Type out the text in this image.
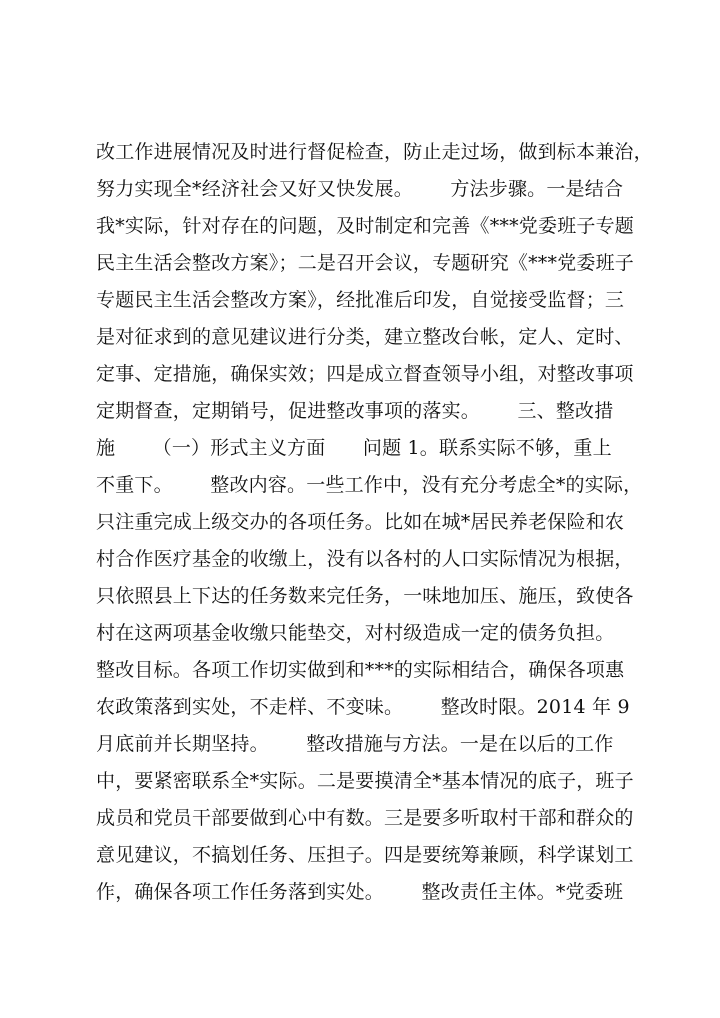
改工作进展情况及时进行督促检查，防止走过场，做到标本兼治，

努力实现全*经济社会又好又快发展。      方法步骤。一是结合

我*实际，针对存在的问题，及时制定和完善《***党委班子专题

民主生活会整改方案》；二是召开会议，专题研究《***党委班子

专题民主生活会整改方案》，经批准后印发，自觉接受监督；三

是对征求到的意见建议进行分类，建立整改台帐，定人、定时、

定事、定措施，确保实效；四是成立督查领导小组，对整改事项

定期督查，定期销号，促进整改事项的落实。      三、整改措

施      （一）形式主义方面      问题 1。联系实际不够，重上

不重下。      整改内容。一些工作中，没有充分考虑全*的实际，

只注重完成上级交办的各项任务。比如在城*居民养老保险和农

村合作医疗基金的收缴上，没有以各村的人口实际情况为根据，

只依照县上下达的任务数来完任务，一味地加压、施压，致使各

村在这两项基金收缴只能垫交，对村级造成一定的债务负担。

整改目标。各项工作切实做到和***的实际相结合，确保各项惠

农政策落到实处，不走样、不变味。      整改时限。2014 年 9

月底前并长期坚持。      整改措施与方法。一是在以后的工作

中，要紧密联系全*实际。二是要摸清全*基本情况的底子，班子

成员和党员干部要做到心中有数。三是要多听取村干部和群众的

意见建议，不搞划任务、压担子。四是要统筹兼顾，科学谋划工

作，确保各项工作任务落到实处。      整改责任主体。*党委班
